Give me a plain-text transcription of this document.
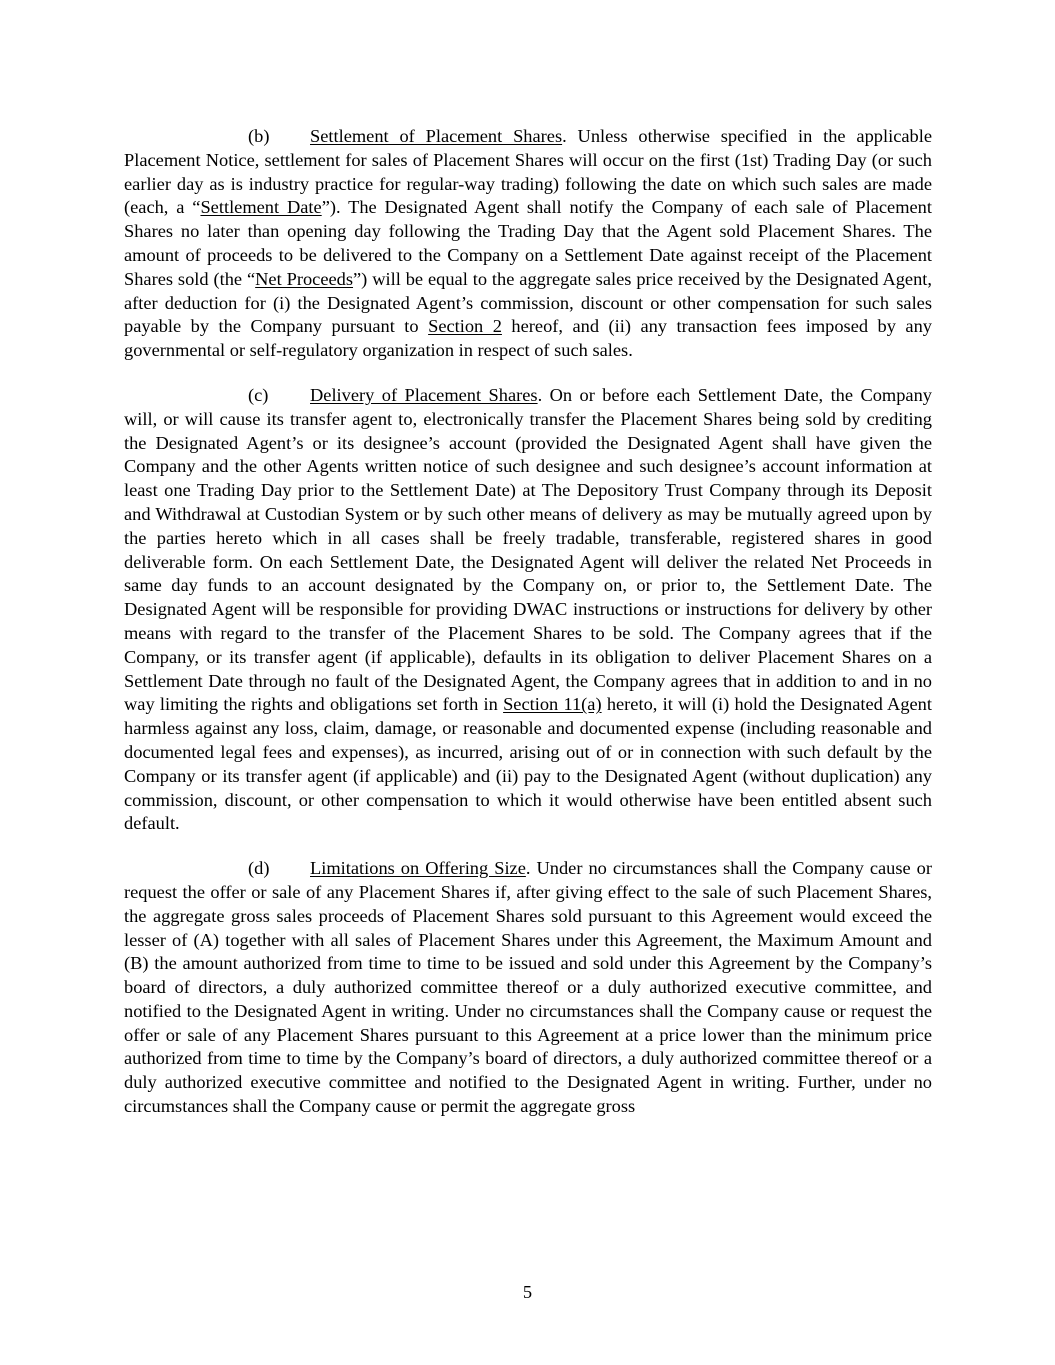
(b) Settlement of Placement Shares. Unless otherwise specified in the applicable Placement Notice, settlement for sales of Placement Shares will occur on the first (1st) Trading Day (or such earlier day as is industry practice for regular-way trading) following the date on which such sales are made (each, a “Settlement Date”). The Designated Agent shall notify the Company of each sale of Placement Shares no later than opening day following the Trading Day that the Agent sold Placement Shares. The amount of proceeds to be delivered to the Company on a Settlement Date against receipt of the Placement Shares sold (the “Net Proceeds”) will be equal to the aggregate sales price received by the Designated Agent, after deduction for (i) the Designated Agent’s commission, discount or other compensation for such sales payable by the Company pursuant to Section 2 hereof, and (ii) any transaction fees imposed by any governmental or self-regulatory organization in respect of such sales.

(c) Delivery of Placement Shares. On or before each Settlement Date, the Company will, or will cause its transfer agent to, electronically transfer the Placement Shares being sold by crediting the Designated Agent’s or its designee’s account (provided the Designated Agent shall have given the Company and the other Agents written notice of such designee and such designee’s account information at least one Trading Day prior to the Settlement Date) at The Depository Trust Company through its Deposit and Withdrawal at Custodian System or by such other means of delivery as may be mutually agreed upon by the parties hereto which in all cases shall be freely tradable, transferable, registered shares in good deliverable form. On each Settlement Date, the Designated Agent will deliver the related Net Proceeds in same day funds to an account designated by the Company on, or prior to, the Settlement Date. The Designated Agent will be responsible for providing DWAC instructions or instructions for delivery by other means with regard to the transfer of the Placement Shares to be sold. The Company agrees that if the Company, or its transfer agent (if applicable), defaults in its obligation to deliver Placement Shares on a Settlement Date through no fault of the Designated Agent, the Company agrees that in addition to and in no way limiting the rights and obligations set forth in Section 11(a) hereto, it will (i) hold the Designated Agent harmless against any loss, claim, damage, or reasonable and documented expense (including reasonable and documented legal fees and expenses), as incurred, arising out of or in connection with such default by the Company or its transfer agent (if applicable) and (ii) pay to the Designated Agent (without duplication) any commission, discount, or other compensation to which it would otherwise have been entitled absent such default.

(d) Limitations on Offering Size. Under no circumstances shall the Company cause or request the offer or sale of any Placement Shares if, after giving effect to the sale of such Placement Shares, the aggregate gross sales proceeds of Placement Shares sold pursuant to this Agreement would exceed the lesser of (A) together with all sales of Placement Shares under this Agreement, the Maximum Amount and (B) the amount authorized from time to time to be issued and sold under this Agreement by the Company’s board of directors, a duly authorized committee thereof or a duly authorized executive committee, and notified to the Designated Agent in writing. Under no circumstances shall the Company cause or request the offer or sale of any Placement Shares pursuant to this Agreement at a price lower than the minimum price authorized from time to time by the Company’s board of directors, a duly authorized committee thereof or a duly authorized executive committee and notified to the Designated Agent in writing. Further, under no circumstances shall the Company cause or permit the aggregate gross

5
